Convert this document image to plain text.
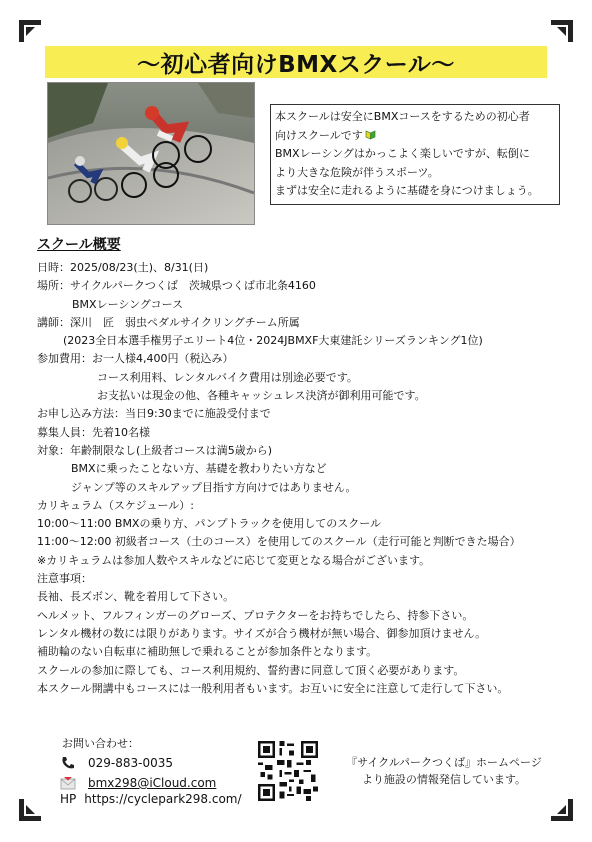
〜初心者向けBMXスクール〜

本スクールは安全にBMXコースをするための初心者

向けスクールです

BMXレーシングはかっこよく楽しいですが、転倒に

より大きな危険が伴うスポーツ。

まずは安全に走れるように基礎を身につけましょう。

スクール概要

日時：2025/08/23(土)、8/31(日)

場所：サイクルパークつくば　茨城県つくば市北条4160

BMXレーシングコース

講師：深川　匠　弱虫ペダルサイクリングチーム所属

(2023全日本選手権男子エリート4位・2024JBMXF大東建託シリーズランキング1位)

参加費用：お一人様4,400円（税込み）

コース利用料、レンタルバイク費用は別途必要です。

お支払いは現金の他、各種キャッシュレス決済が御利用可能です。

お申し込み方法：当日9:30までに施設受付まで

募集人員：先着10名様

対象：年齢制限なし(上級者コースは満5歳から)

BMXに乗ったことない方、基礎を教わりたい方など

ジャンプ等のスキルアップ目指す方向けではありません。

カリキュラム（スケジュール）:

10:00〜11:00 BMXの乗り方、パンプトラックを使用してのスクール

11:00〜12:00 初級者コース（土のコース）を使用してのスクール（走行可能と判断できた場合）

※カリキュラムは参加人数やスキルなどに応じて変更となる場合がございます。

注意事項：

長袖、長ズボン、靴を着用して下さい。

ヘルメット、フルフィンガーのグローズ、プロテクターをお持ちでしたら、持参下さい。

レンタル機材の数には限りがあります。サイズが合う機材が無い場合、御参加頂けません。

補助輪のない自転車に補助無しで乗れることが参加条件となります。

スクールの参加に際しても、コース利用規約、誓約書に同意して頂く必要があります。

本スクール開講中もコースには一般利用者もいます。お互いに安全に注意して走行して下さい。

お問い合わせ：
029-883-0035
bmx298@iCloud.com
HP https://cyclepark298.com/
『サイクルパークつくば』ホームページ
より施設の情報発信しています。
